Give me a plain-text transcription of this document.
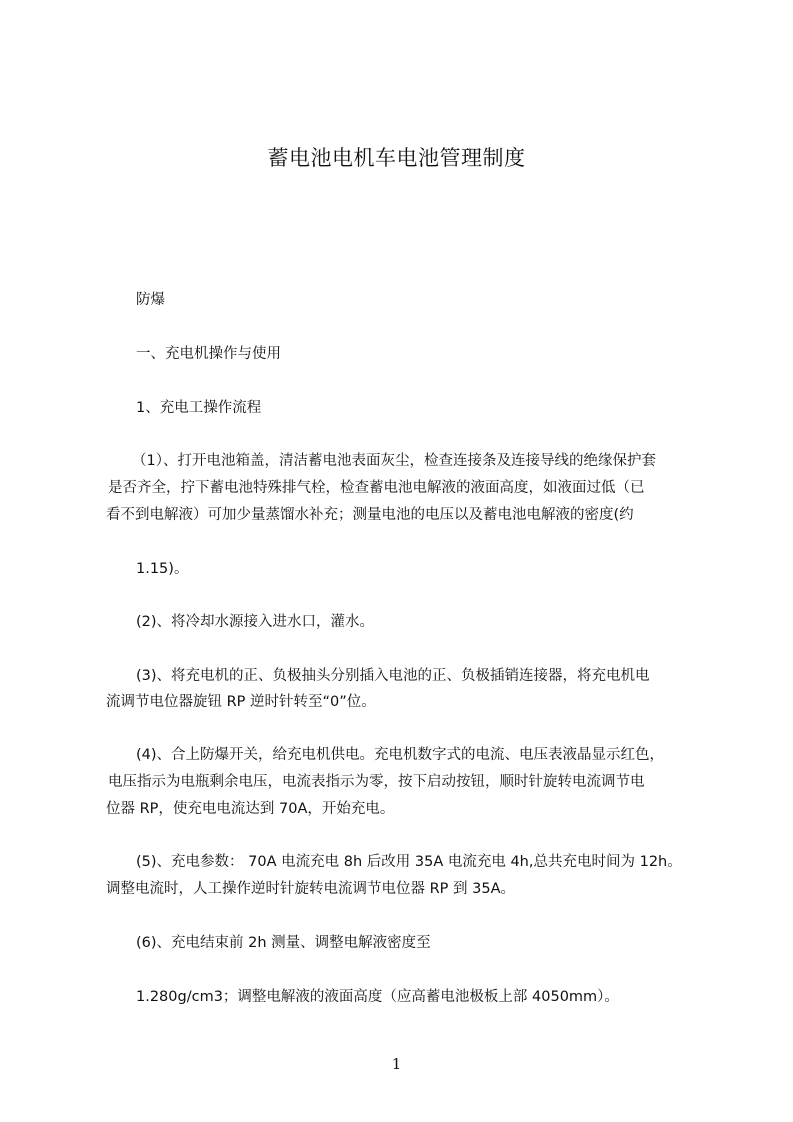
蓄电池电机车电池管理制度
防爆
一、充电机操作与使用
1、充电工操作流程
（1）、打开电池箱盖，清洁蓄电池表面灰尘，检查连接条及连接导线的绝缘保护套
是否齐全，拧下蓄电池特殊排气栓，检查蓄电池电解液的液面高度，如液面过低（已
看不到电解液）可加少量蒸馏水补充；测量电池的电压以及蓄电池电解液的密度(约
1.15)。
(2)、将冷却水源接入进水口，灌水。
(3)、将充电机的正、负极抽头分别插入电池的正、负极插销连接器，将充电机电
流调节电位器旋钮 RP 逆时针转至“0”位。
(4)、合上防爆开关，给充电机供电。充电机数字式的电流、电压表液晶显示红色，
电压指示为电瓶剩余电压，电流表指示为零，按下启动按钮，顺时针旋转电流调节电
位器 RP，使充电电流达到 70A，开始充电。
(5)、充电参数： 70A 电流充电 8h 后改用 35A 电流充电 4h,总共充电时间为 12h。
调整电流时，人工操作逆时针旋转电流调节电位器 RP 到 35A。
(6)、充电结束前 2h 测量、调整电解液密度至
1.280g/cm3；调整电解液的液面高度（应高蓄电池极板上部 4050mm）。
1
